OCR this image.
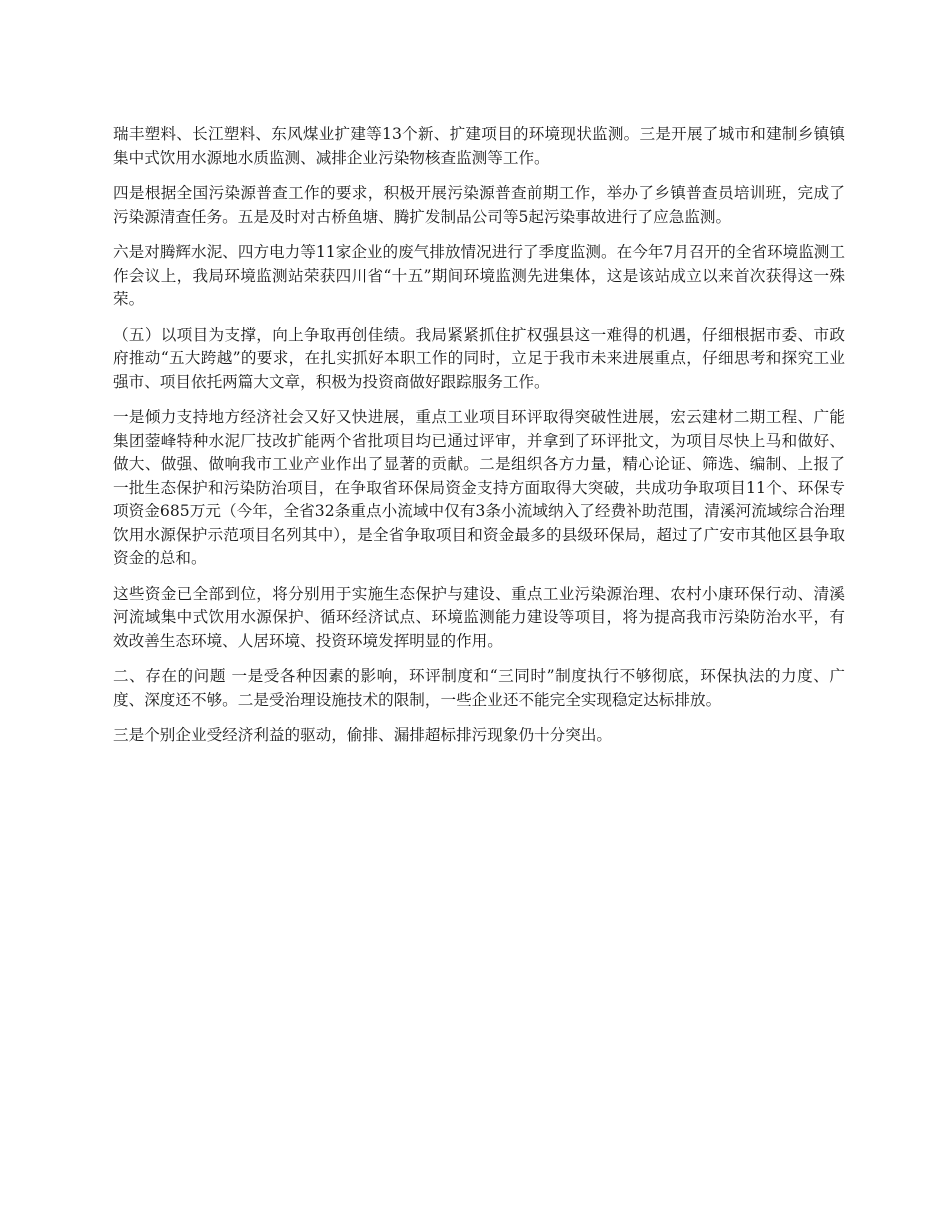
瑞丰塑料、长江塑料、东风煤业扩建等13个新、扩建项目的环境现状监测。三是开展了城市和建制乡镇镇集中式饮用水源地水质监测、减排企业污染物核查监测等工作。

四是根据全国污染源普查工作的要求，积极开展污染源普查前期工作，举办了乡镇普查员培训班，完成了污染源清查任务。五是及时对古桥鱼塘、腾扩发制品公司等5起污染事故进行了应急监测。

六是对腾辉水泥、四方电力等11家企业的废气排放情况进行了季度监测。在今年7月召开的全省环境监测工作会议上，我局环境监测站荣获四川省“十五”期间环境监测先进集体，这是该站成立以来首次获得这一殊荣。

（五）以项目为支撑，向上争取再创佳绩。我局紧紧抓住扩权强县这一难得的机遇，仔细根据市委、市政府推动“五大跨越”的要求，在扎实抓好本职工作的同时，立足于我市未来进展重点，仔细思考和探究工业强市、项目依托两篇大文章，积极为投资商做好跟踪服务工作。

一是倾力支持地方经济社会又好又快进展，重点工业项目环评取得突破性进展，宏云建材二期工程、广能集团蓥峰特种水泥厂技改扩能两个省批项目均已通过评审，并拿到了环评批文，为项目尽快上马和做好、做大、做强、做响我市工业产业作出了显著的贡献。二是组织各方力量，精心论证、筛选、编制、上报了一批生态保护和污染防治项目，在争取省环保局资金支持方面取得大突破，共成功争取项目11个、环保专项资金685万元（今年，全省32条重点小流域中仅有3条小流域纳入了经费补助范围，清溪河流域综合治理饮用水源保护示范项目名列其中），是全省争取项目和资金最多的县级环保局，超过了广安市其他区县争取资金的总和。

这些资金已全部到位，将分别用于实施生态保护与建设、重点工业污染源治理、农村小康环保行动、清溪河流域集中式饮用水源保护、循环经济试点、环境监测能力建设等项目，将为提高我市污染防治水平，有效改善生态环境、人居环境、投资环境发挥明显的作用。

二、存在的问题 一是受各种因素的影响，环评制度和“三同时”制度执行不够彻底，环保执法的力度、广度、深度还不够。二是受治理设施技术的限制，一些企业还不能完全实现稳定达标排放。

三是个别企业受经济利益的驱动，偷排、漏排超标排污现象仍十分突出。
